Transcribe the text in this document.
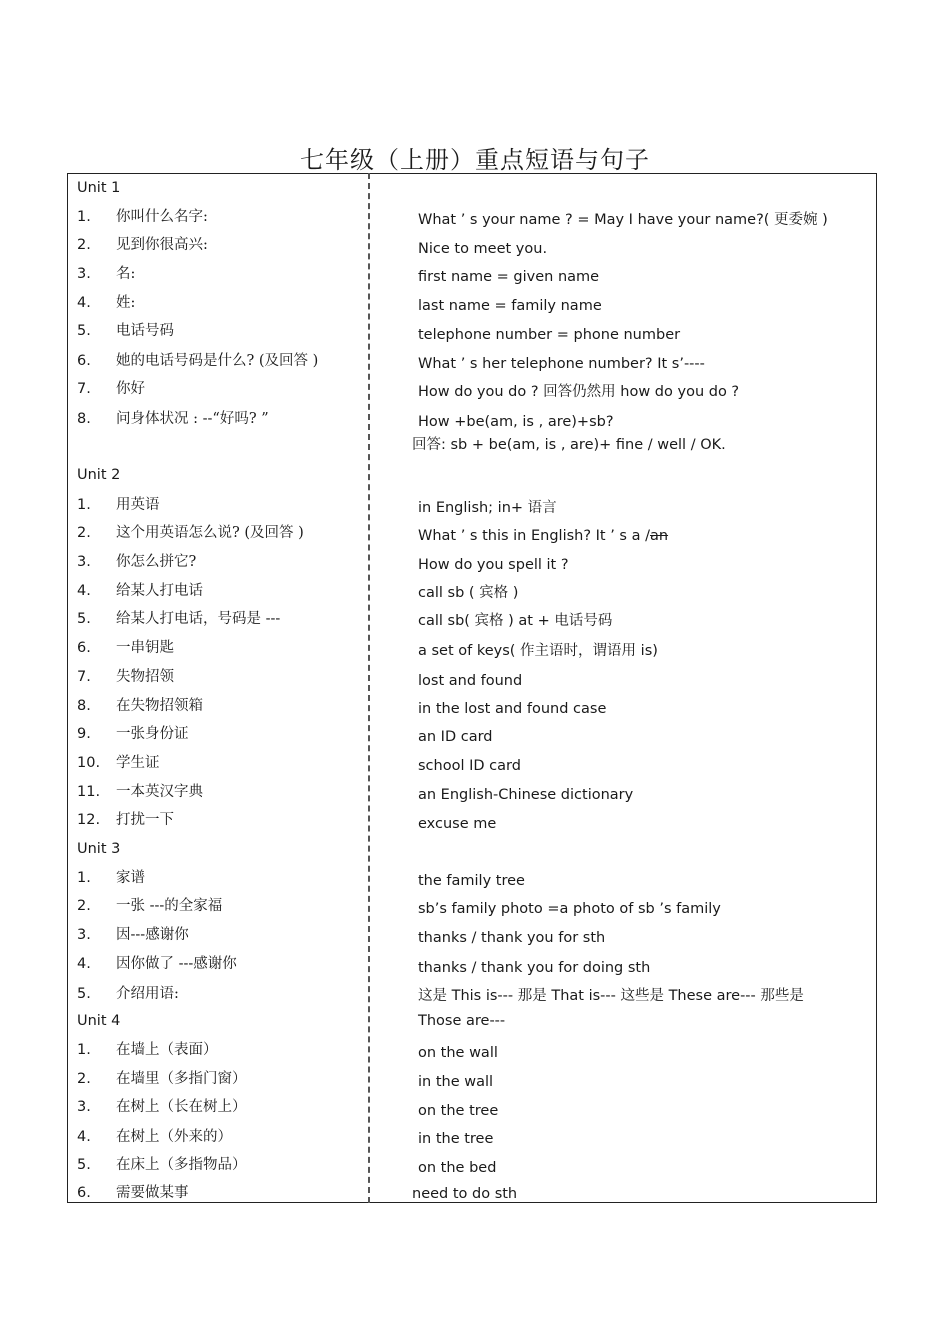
七年级（上册）重点短语与句子
Unit 1
1. 你叫什么名字:	What ’ s your name ? = May I have your name?( 更委婉 )
2. 见到你很高兴:	Nice to meet you.
3. 名:	first name = given name
4. 姓:	last name = family name
5. 电话号码	telephone number = phone number
6. 她的电话号码是什么? (及回答 )	What ’ s her telephone number? It s’----
7. 你好	How do you do ? 回答仍然用 how do you do ?
8. 问身体状况 : --“好吗? ”	How +be(am, is , are)+sb?
回答: sb + be(am, is , are)+ fine / well / OK.
Unit 2
1. 用英语	in English; in+ 语言
2. 这个用英语怎么说? (及回答 )	What ’ s this in English? It ’ s a /an
3. 你怎么拼它?	How do you spell it ?
4. 给某人打电话	call sb ( 宾格 )
5. 给某人打电话，号码是 ---	call sb( 宾格 ) at + 电话号码
6. 一串钥匙	a set of keys( 作主语时，谓语用 is)
7. 失物招领	lost and found
8. 在失物招领箱	in the lost and found case
9. 一张身份证	an ID card
10. 学生证	school ID card
11. 一本英汉字典	an English-Chinese dictionary
12. 打扰一下	excuse me
Unit 3
1. 家谱	the family tree
2. 一张 ---的全家福	sb’s family photo =a photo of sb ’s family
3. 因---感谢你	thanks / thank you for sth
4. 因你做了 ---感谢你	thanks / thank you for doing sth
5. 介绍用语:	这是 This is--- 那是 That is--- 这些是 These are--- 那些是
Those are---
Unit 4
1. 在墙上（表面）	on the wall
2. 在墙里（多指门窗）	in the wall
3. 在树上（长在树上）	on the tree
4. 在树上（外来的）	in the tree
5. 在床上（多指物品）	on the bed
6. 需要做某事	need to do sth
